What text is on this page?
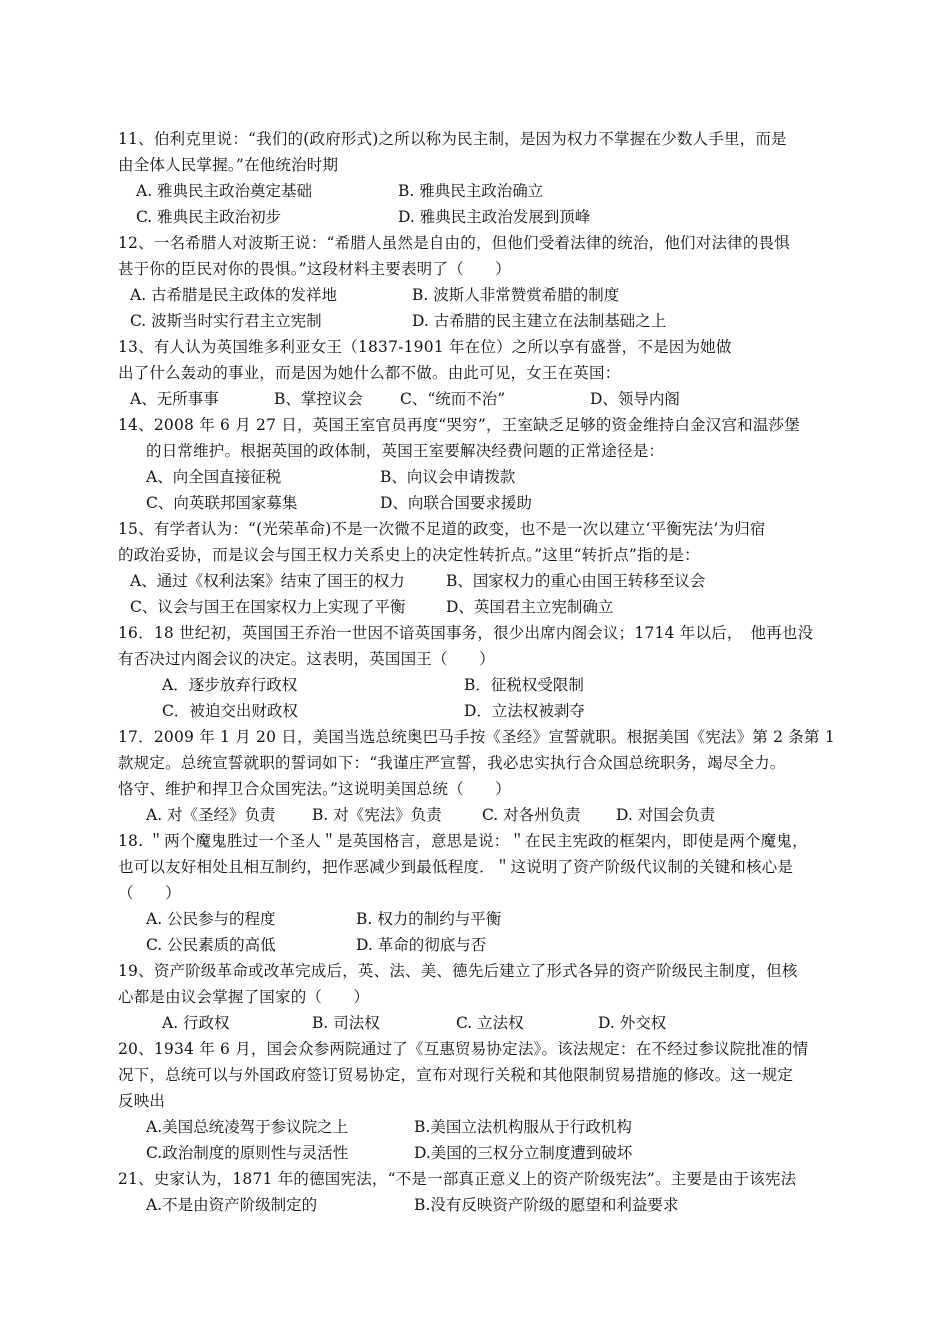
11、伯利克里说：“我们的(政府形式)之所以称为民主制，是因为权力不掌握在少数人手里，而是
由全体人民掌握。”在他统治时期
A. 雅典民主政治奠定基础	B. 雅典民主政治确立
C. 雅典民主政治初步	D. 雅典民主政治发展到顶峰
12、一名希腊人对波斯王说：“希腊人虽然是自由的，但他们受着法律的统治，他们对法律的畏惧
甚于你的臣民对你的畏惧。”这段材料主要表明了（　　）
A. 古希腊是民主政体的发祥地	B. 波斯人非常赞赏希腊的制度
C. 波斯当时实行君主立宪制	D. 古希腊的民主建立在法制基础之上
13、有人认为英国维多利亚女王（1837-1901 年在位）之所以享有盛誉，不是因为她做
出了什么轰动的事业，而是因为她什么都不做。由此可见，女王在英国：
A、无所事事	B、掌控议会 C、“统而不治”	D、领导内阁
14、2008 年 6 月 27 日，英国王室官员再度“哭穷”，王室缺乏足够的资金维持白金汉宫和温莎堡
的日常维护。根据英国的政体制，英国王室要解决经费问题的正常途径是：
A、向全国直接征税	B、向议会申请拨款
C、向英联邦国家募集	D、向联合国要求援助
15、有学者认为：“(光荣革命)不是一次微不足道的政变，也不是一次以建立‘平衡宪法’为归宿
的政治妥协，而是议会与国王权力关系史上的决定性转折点。”这里“转折点”指的是：
A、通过《权利法案》结束了国王的权力	B、国家权力的重心由国王转移至议会
C、议会与国王在国家权力上实现了平衡	D、英国君主立宪制确立
16．18 世纪初，英国国王乔治一世因不谙英国事务，很少出席内阁会议；1714 年以后，　他再也没
有否决过内阁会议的决定。这表明，英国国王（　　）
A．逐步放弃行政权	B．征税权受限制
C．被迫交出财政权	D．立法权被剥夺
17．2009 年 1 月 20 日，美国当选总统奥巴马手按《圣经》宣誓就职。根据美国《宪法》第 2 条第 1
款规定。总统宣誓就职的誓词如下：“我谨庄严宣誓，我必忠实执行合众国总统职务，竭尽全力。
恪守、维护和捍卫合众国宪法。”这说明美国总统（　　）
A. 对《圣经》负责 B. 对《宪法》负责	C. 对各州负责 D. 对国会负责
18. ＂两个魔鬼胜过一个圣人＂是英国格言，意思是说：＂在民主宪政的框架内，即使是两个魔鬼，
也可以友好相处且相互制约，把作恶减少到最低程度．＂这说明了资产阶级代议制的关键和核心是
（　　）
A. 公民参与的程度	B. 权力的制约与平衡
C. 公民素质的高低	D. 革命的彻底与否
19、资产阶级革命或改革完成后，英、法、美、德先后建立了形式各异的资产阶级民主制度，但核
心都是由议会掌握了国家的（　　）
A. 行政权	B. 司法权	C. 立法权	D. 外交权
20、1934 年 6 月，国会众参两院通过了《互惠贸易协定法》。该法规定：在不经过参议院批准的情
况下，总统可以与外国政府签订贸易协定，宣布对现行关税和其他限制贸易措施的修改。这一规定
反映出
A.美国总统凌驾于参议院之上	B.美国立法机构服从于行政机构
C.政治制度的原则性与灵活性	D.美国的三权分立制度遭到破坏
21、史家认为，1871 年的德国宪法，“不是一部真正意义上的资产阶级宪法”。主要是由于该宪法
A.不是由资产阶级制定的	B.没有反映资产阶级的愿望和利益要求
